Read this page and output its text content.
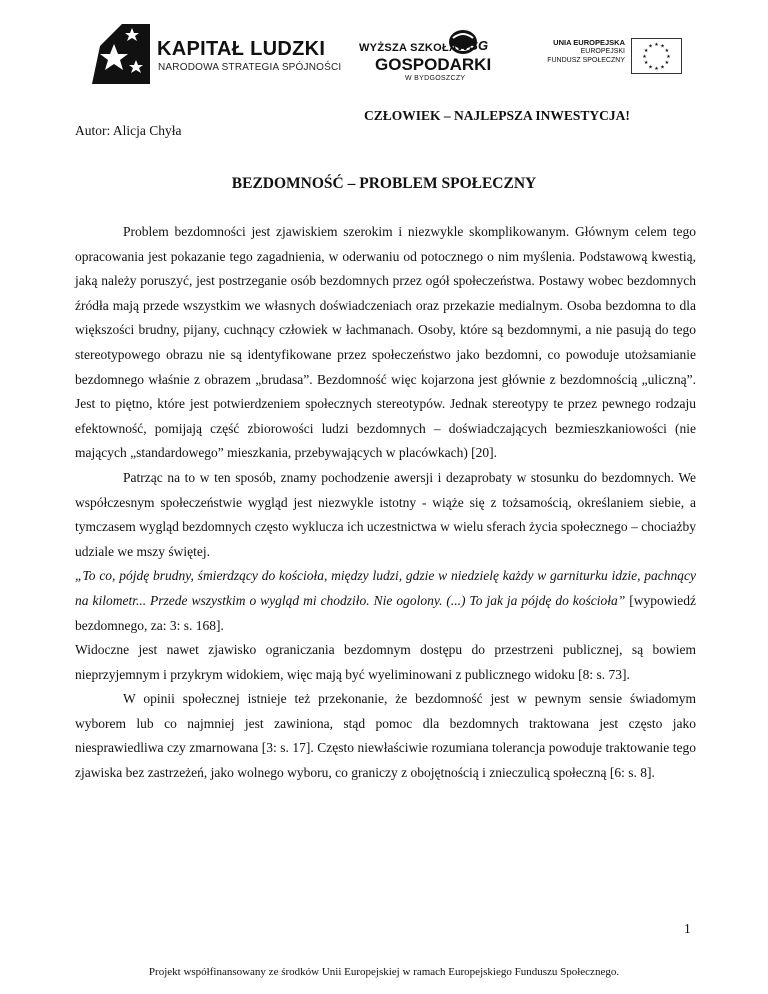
KAPITAŁ LUDZKI
NARODOWA STRATEGIA SPÓJNOŚCI
WSG
WYŻSZA SZKOŁA
GOSPODARKI
W BYDGOSZCZY
UNIA EUROPEJSKA
EUROPEJSKI
FUNDUSZ SPOŁECZNY
★ ★
★
★
★
★
★
★
★
★
★
★
CZŁOWIEK – NAJLEPSZA INWESTYCJA!
Autor: Alicja Chyła
BEZDOMNOŚĆ – PROBLEM SPOŁECZNY

Problem bezdomności jest zjawiskiem szerokim i niezwykle skomplikowanym. Głównym celem tego opracowania jest pokazanie tego zagadnienia, w oderwaniu od potocznego o nim myślenia. Podstawową kwestią, jaką należy poruszyć, jest postrzeganie osób bezdomnych przez ogół społeczeństwa. Postawy wobec bezdomnych źródła mają przede wszystkim we własnych doświadczeniach oraz przekazie medialnym. Osoba bezdomna to dla większości brudny, pijany, cuchnący człowiek w łachmanach. Osoby, które są bezdomnymi, a nie pasują do tego stereotypowego obrazu nie są identyfikowane przez społeczeństwo jako bezdomni, co powoduje utożsamianie bezdomnego właśnie z obrazem „brudasa”. Bezdomność więc kojarzona jest głównie z bezdomnością „uliczną”. Jest to piętno, które jest potwierdzeniem społecznych stereotypów. Jednak stereotypy te przez pewnego rodzaju efektowność, pomijają część zbiorowości ludzi bezdomnych – doświadczających bezmieszkaniowości (nie mających „standardowego” mieszkania, przebywających w placówkach) [20].

Patrząc na to w ten sposób, znamy pochodzenie awersji i dezaprobaty w stosunku do bezdomnych. We współczesnym społeczeństwie wygląd jest niezwykle istotny - wiąże się z tożsamością, określaniem siebie, a tymczasem wygląd bezdomnych często wyklucza ich uczestnictwa w wielu sferach życia społecznego – chociażby udziale we mszy świętej.

„To co, pójdę brudny, śmierdzący do kościoła, między ludzi, gdzie w niedzielę każdy w garniturku idzie, pachnący na kilometr... Przede wszystkim o wygląd mi chodziło. Nie ogolony. (...) To jak ja pójdę do kościoła” [wypowiedź bezdomnego, za: 3: s. 168].

Widoczne jest nawet zjawisko ograniczania bezdomnym dostępu do przestrzeni publicznej, są bowiem nieprzyjemnym i przykrym widokiem, więc mają być wyeliminowani z publicznego widoku [8: s. 73].

W opinii społecznej istnieje też przekonanie, że bezdomność jest w pewnym sensie świadomym wyborem lub co najmniej jest zawiniona, stąd pomoc dla bezdomnych traktowana jest często jako niesprawiedliwa czy zmarnowana [3: s. 17]. Często niewłaściwie rozumiana tolerancja powoduje traktowanie tego zjawiska bez zastrzeżeń, jako wolnego wyboru, co graniczy z obojętnością i znieczulicą społeczną [6: s. 8].

1
Projekt współfinansowany ze środków Unii Europejskiej w ramach Europejskiego Funduszu Społecznego.
